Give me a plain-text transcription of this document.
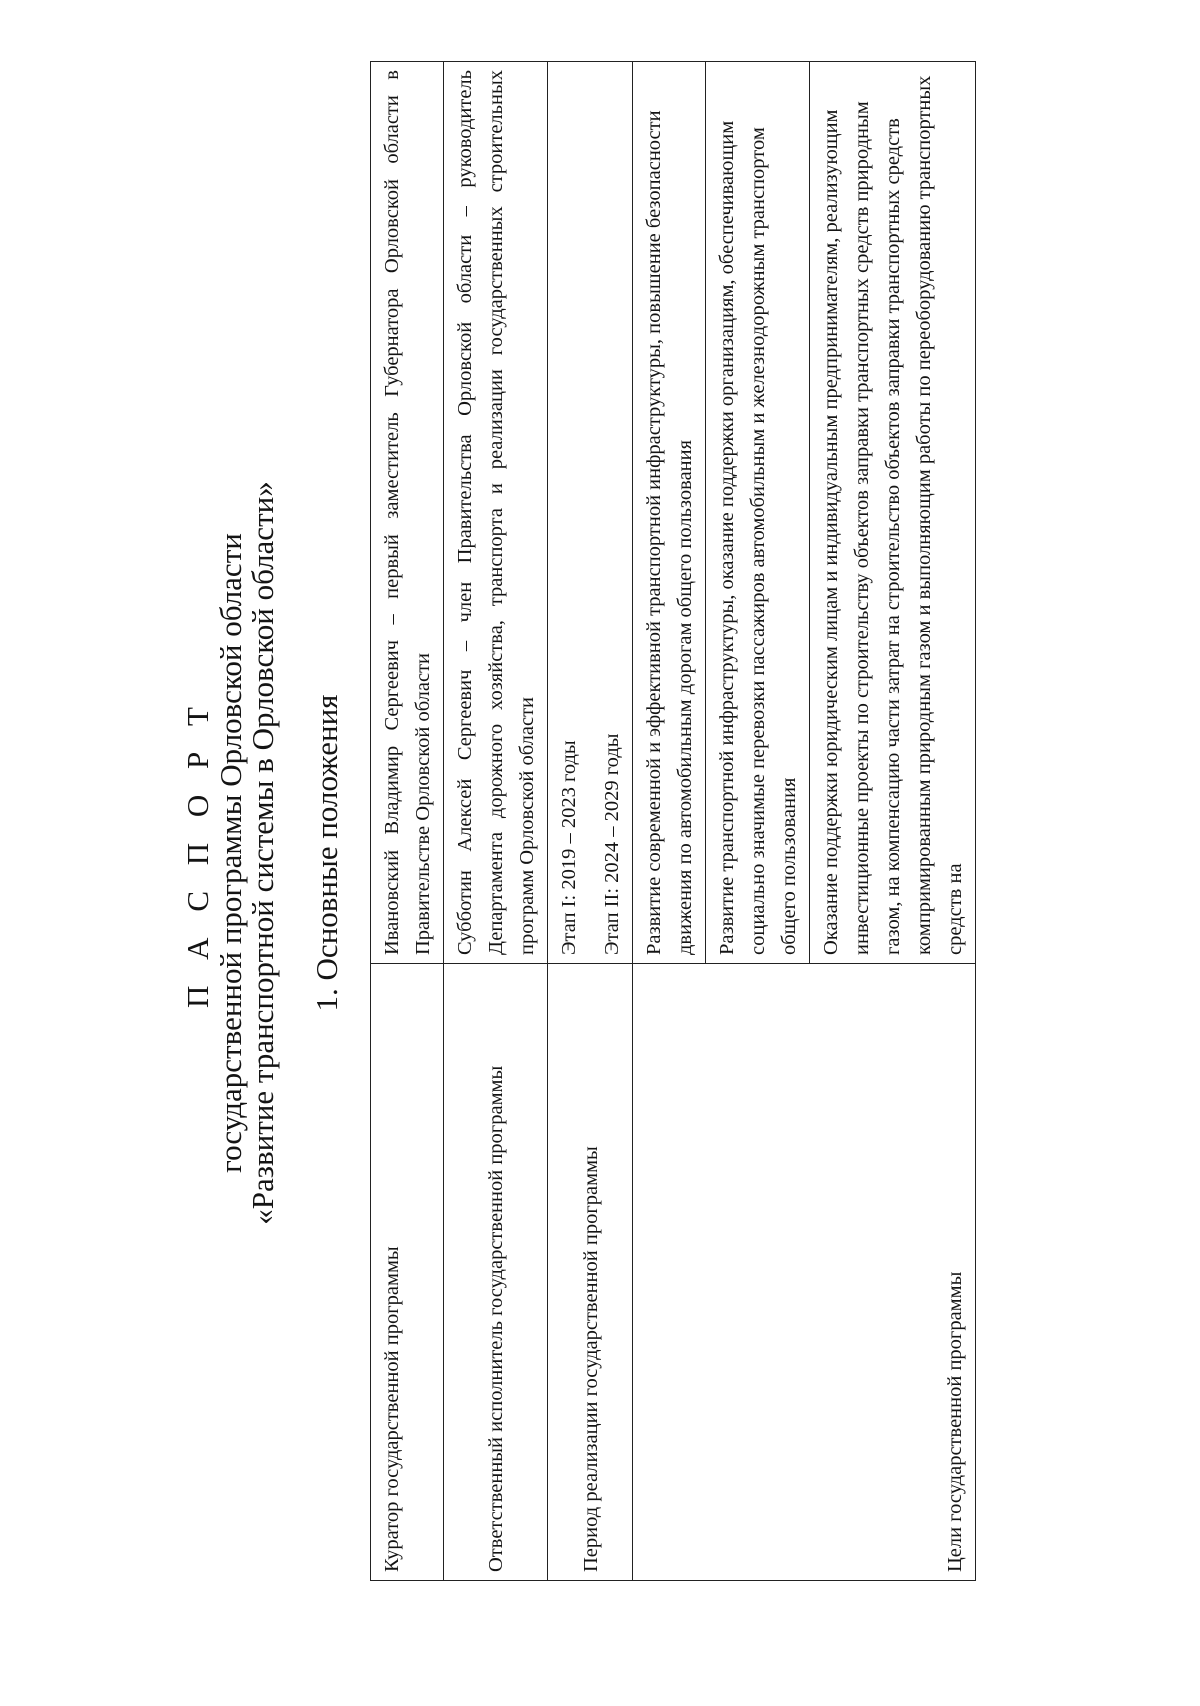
П А С П О Р Т
государственной программы Орловской области
«Развитие транспортной системы в Орловской области» 1. Основные положения
Куратор государственной программы	Ивановский Владимир Сергеевич – первый заместитель Губернатора Орловской области в Правительстве Орловской области
Ответственный исполнитель государственной программы	Субботин Алексей Сергеевич – член Правительства Орловской области – руководитель Департамента дорожного хозяйства, транспорта и реализации государственных строительных программ Орловской области
Период реализации государственной программы	Этап I: 2019 – 2023 годы Этап II: 2024 – 2029 годы

Цели государственной программы	Развитие современной и эффективной транспортной инфраструктуры, повышение безопасности движения по автомобильным дорогам общего пользования Развитие транспортной инфраструктуры, оказание поддержки организациям, обеспечивающим социально значимые перевозки пассажиров автомобильным и железнодорожным транспортом общего пользования Оказание поддержки юридическим лицам и индивидуальным предпринимателям, реализующим инвестиционные проекты по строительству объектов заправки транспортных средств природным газом, на компенсацию части затрат на строительство объектов заправки транспортных средств компримированным природным газом и выполняющим работы по переоборудованию транспортных средств на
